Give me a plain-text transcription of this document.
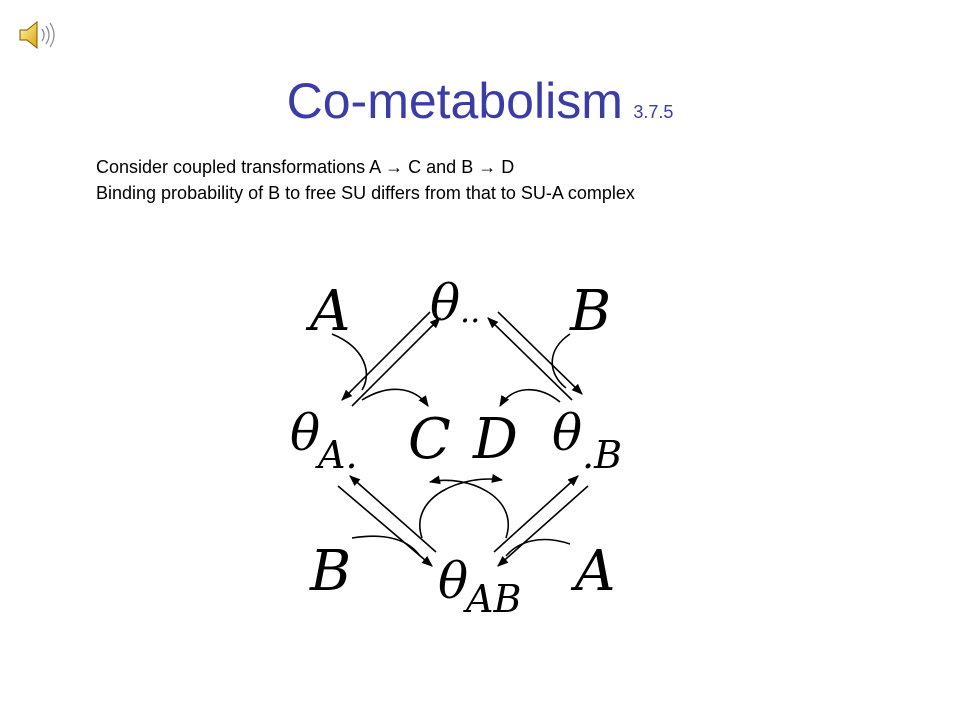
Co-metabolism 3.7.5
Consider coupled transformations A → C and B → D
Binding probability of B to free SU differs from that to SU-A complex
A θ .. B
θ
A. C D θ .B
B θ
AB A
